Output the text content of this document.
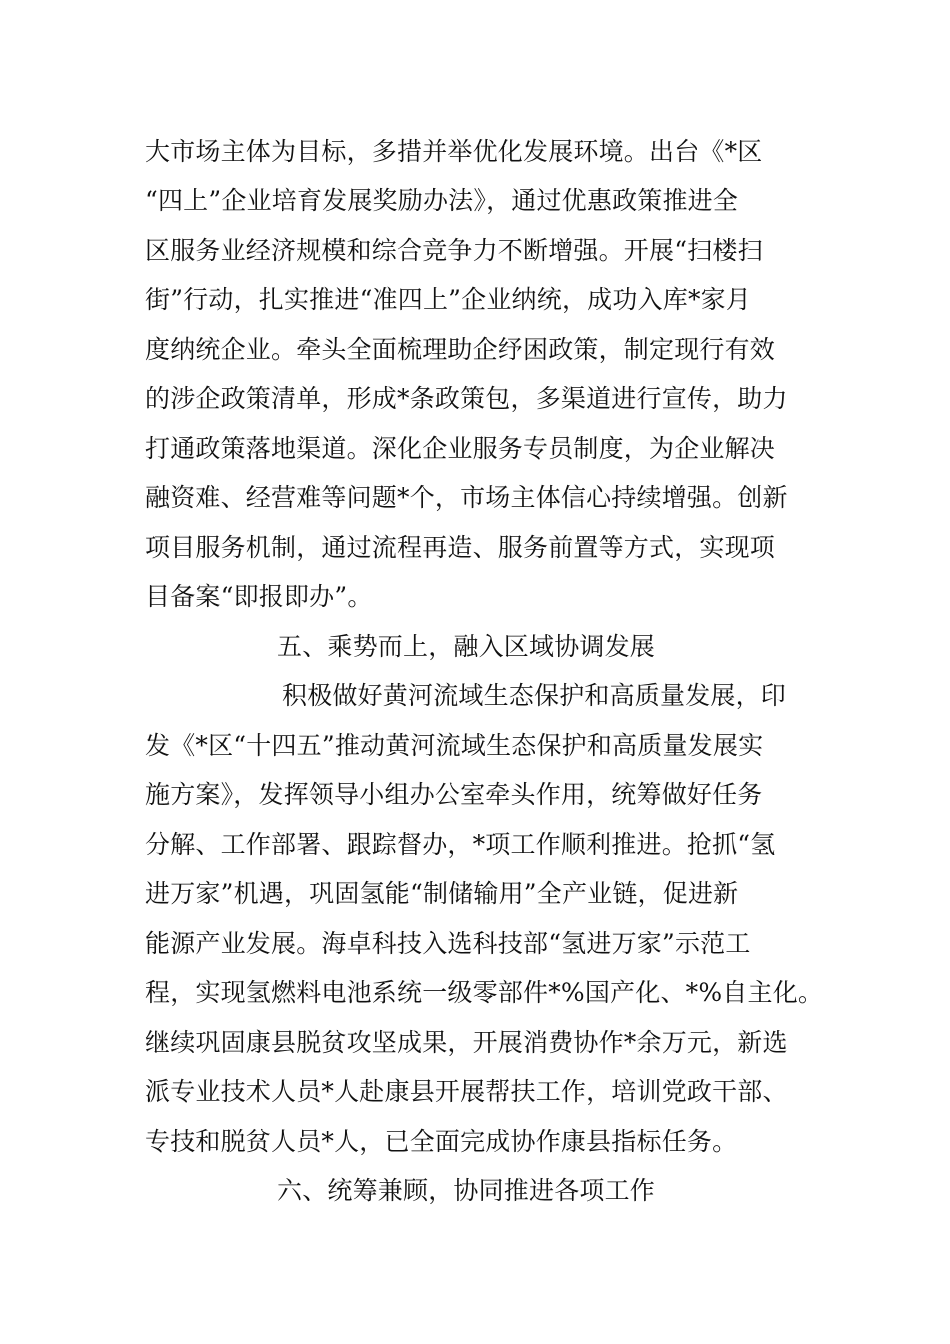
大市场主体为目标，多措并举优化发展环境。出台《*区
“四上”企业培育发展奖励办法》，通过优惠政策推进全
区服务业经济规模和综合竞争力不断增强。开展“扫楼扫
街”行动，扎实推进“准四上”企业纳统，成功入库*家月
度纳统企业。牵头全面梳理助企纾困政策，制定现行有效
的涉企政策清单，形成*条政策包，多渠道进行宣传，助力
打通政策落地渠道。深化企业服务专员制度，为企业解决
融资难、经营难等问题*个，市场主体信心持续增强。创新
项目服务机制，通过流程再造、服务前置等方式，实现项
目备案“即报即办”。
五、乘势而上，融入区域协调发展
积极做好黄河流域生态保护和高质量发展，印
发《*区“十四五”推动黄河流域生态保护和高质量发展实
施方案》，发挥领导小组办公室牵头作用，统筹做好任务
分解、工作部署、跟踪督办，*项工作顺利推进。抢抓“氢
进万家”机遇，巩固氢能“制储输用”全产业链，促进新
能源产业发展。海卓科技入选科技部“氢进万家”示范工
程，实现氢燃料电池系统一级零部件*%国产化、*%自主化。
继续巩固康县脱贫攻坚成果，开展消费协作*余万元，新选
派专业技术人员*人赴康县开展帮扶工作，培训党政干部、
专技和脱贫人员*人，已全面完成协作康县指标任务。
六、统筹兼顾，协同推进各项工作
